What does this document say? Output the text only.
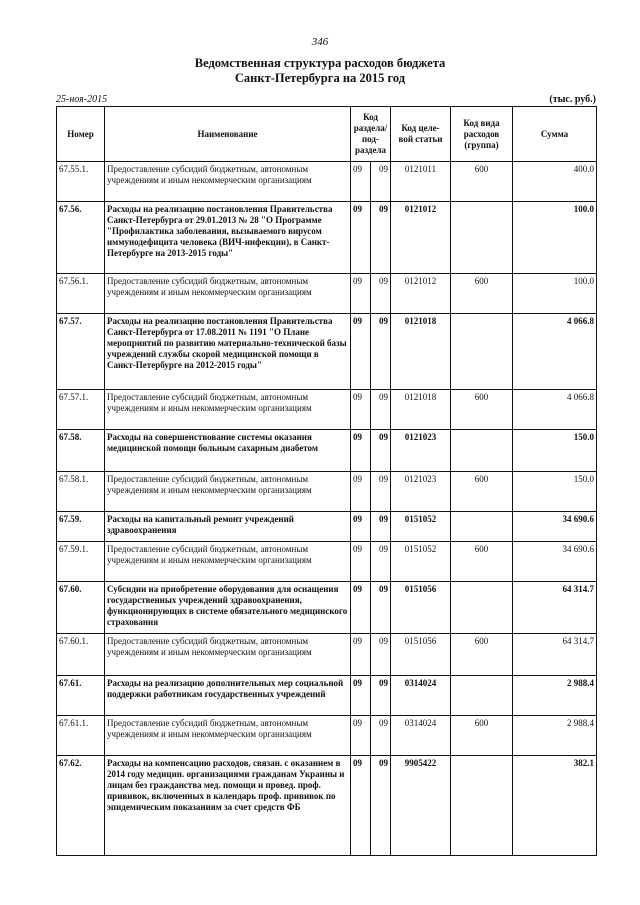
346
Ведомственная структура расходов бюджета
Санкт-Петербурга на 2015 год
25-ноя-2015	(тыс. руб.)
Номер	Наименование	Код раздела/ под- раздела		Код целе- вой статьи	Код вида расходов (группа)	Сумма
67.55.1.	Предоставление субсидий бюджетным, автономным учреждениям и иным некоммерческим организациям	09	09	0121011	600	400.0
67.56.	Расходы на реализацию постановления Правительства Санкт-Петербурга от 29.01.2013 № 28 "О Программе "Профилактика заболевания, вызываемого вирусом иммунодефицита человека (ВИЧ-инфекции), в Санкт-Петербурге на 2013-2015 годы"	09	09	0121012		100.0
67.56.1.	Предоставление субсидий бюджетным, автономным учреждениям и иным некоммерческим организациям	09	09	0121012	600	100.0
67.57.	Расходы на реализацию постановления Правительства Санкт-Петербурга от 17.08.2011 № 1191 "О Плане мероприятий по развитию материально-технической базы учреждений службы скорой медицинской помощи в Санкт-Петербурге на 2012-2015 годы"	09	09	0121018		4 066.8
67.57.1.	Предоставление субсидий бюджетным, автономным учреждениям и иным некоммерческим организациям	09	09	0121018	600	4 066.8
67.58.	Расходы на совершенствование системы оказания медицинской помощи больным сахарным диабетом	09	09	0121023		150.0
67.58.1.	Предоставление субсидий бюджетным, автономным учреждениям и иным некоммерческим организациям	09	09	0121023	600	150.0
67.59.	Расходы на капитальный ремонт учреждений здравоохранения	09	09	0151052		34 690.6
67.59.1.	Предоставление субсидий бюджетным, автономным учреждениям и иным некоммерческим организациям	09	09	0151052	600	34 690.6
67.60.	Субсидии на приобретение оборудования для оснащения государственных учреждений здравоохранения, функционирующих в системе обязательного медицинского страхования	09	09	0151056		64 314.7
67.60.1.	Предоставление субсидий бюджетным, автономным учреждениям и иным некоммерческим организациям	09	09	0151056	600	64 314.7
67.61.	Расходы на реализацию дополнительных мер социальной поддержки работникам государственных учреждений	09	09	0314024		2 988.4
67.61.1.	Предоставление субсидий бюджетным, автономным учреждениям и иным некоммерческим организациям	09	09	0314024	600	2 988.4
67.62.	Расходы на компенсацию расходов, связан. с оказанием в 2014 году медицин. организациями гражданам Украины и лицам без гражданства мед. помощи и провед. проф. прививок, включенных в календарь проф. прививок по эпидемическим показаниям за счет средств ФБ	09	09	9905422		382.1
